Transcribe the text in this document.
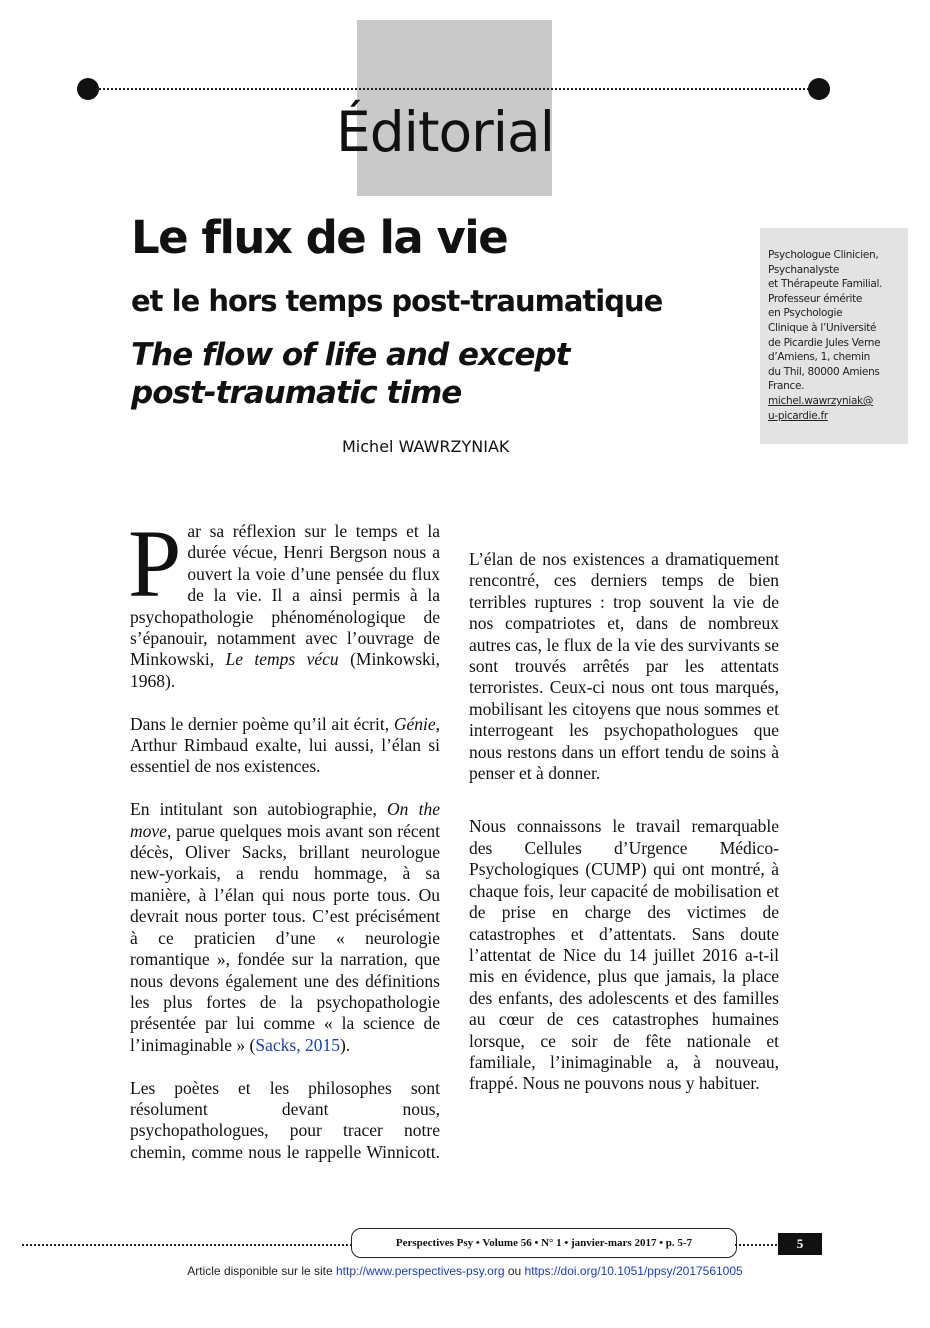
Éditorial
Le flux de la vie
et le hors temps post-traumatique
The flow of life and except post-traumatic time
Michel WAWRZYNIAK
Psychologue Clinicien,
Psychanalyste
et Thérapeute Familial.
Professeur émérite
en Psychologie
Clinique à l’Université
de Picardie Jules Verne
d’Amiens, 1, chemin
du Thil, 80000 Amiens
France.
michel.wawrzyniak@
u-picardie.fr

Par sa réflexion sur le temps et la durée vécue, Henri Bergson nous a ouvert la voie d’une pensée du flux de la vie. Il a ainsi permis à la psychopathologie phénoménologique de s’épanouir, notamment avec l’ouvrage de Minkowski, Le temps vécu (Minkowski, 1968).

Dans le dernier poème qu’il ait écrit, Génie, Arthur Rimbaud exalte, lui aussi, l’élan si essentiel de nos existences.

En intitulant son autobiographie, On the move, parue quelques mois avant son récent décès, Oliver Sacks, brillant neurologue new-yorkais, a rendu hommage, à sa manière, à l’élan qui nous porte tous. Ou devrait nous porter tous. C’est précisément à ce praticien d’une « neurologie romantique », fondée sur la narration, que nous devons également une des définitions les plus fortes de la psychopathologie présentée par lui comme « la science de l’inimaginable » (Sacks, 2015).

Les poètes et les philosophes sont résolument devant nous, psychopathologues, pour tracer notre chemin, comme nous le rappelle Winnicott.

L’élan de nos existences a dramatiquement rencontré, ces derniers temps de bien terribles ruptures : trop souvent la vie de nos compatriotes et, dans de nombreux autres cas, le flux de la vie des survivants se sont trouvés arrêtés par les attentats terroristes. Ceux-ci nous ont tous marqués, mobilisant les citoyens que nous sommes et interrogeant les psychopathologues que nous restons dans un effort tendu de soins à penser et à donner.

Nous connaissons le travail remarquable des Cellules d’Urgence Médico-Psychologiques (CUMP) qui ont montré, à chaque fois, leur capacité de mobilisation et de prise en charge des victimes de catastrophes et d’attentats. Sans doute l’attentat de Nice du 14 juillet 2016 a-t-il mis en évidence, plus que jamais, la place des enfants, des adolescents et des familles au cœur de ces catastrophes humaines lorsque, ce soir de fête nationale et familiale, l’inimaginable a, à nouveau, frappé. Nous ne pouvons nous y habituer.

Perspectives Psy • Volume 56 • N° 1 • janvier-mars 2017 • p. 5-7	5
Article disponible sur le site http://www.perspectives-psy.org ou https://doi.org/10.1051/ppsy/2017561005
